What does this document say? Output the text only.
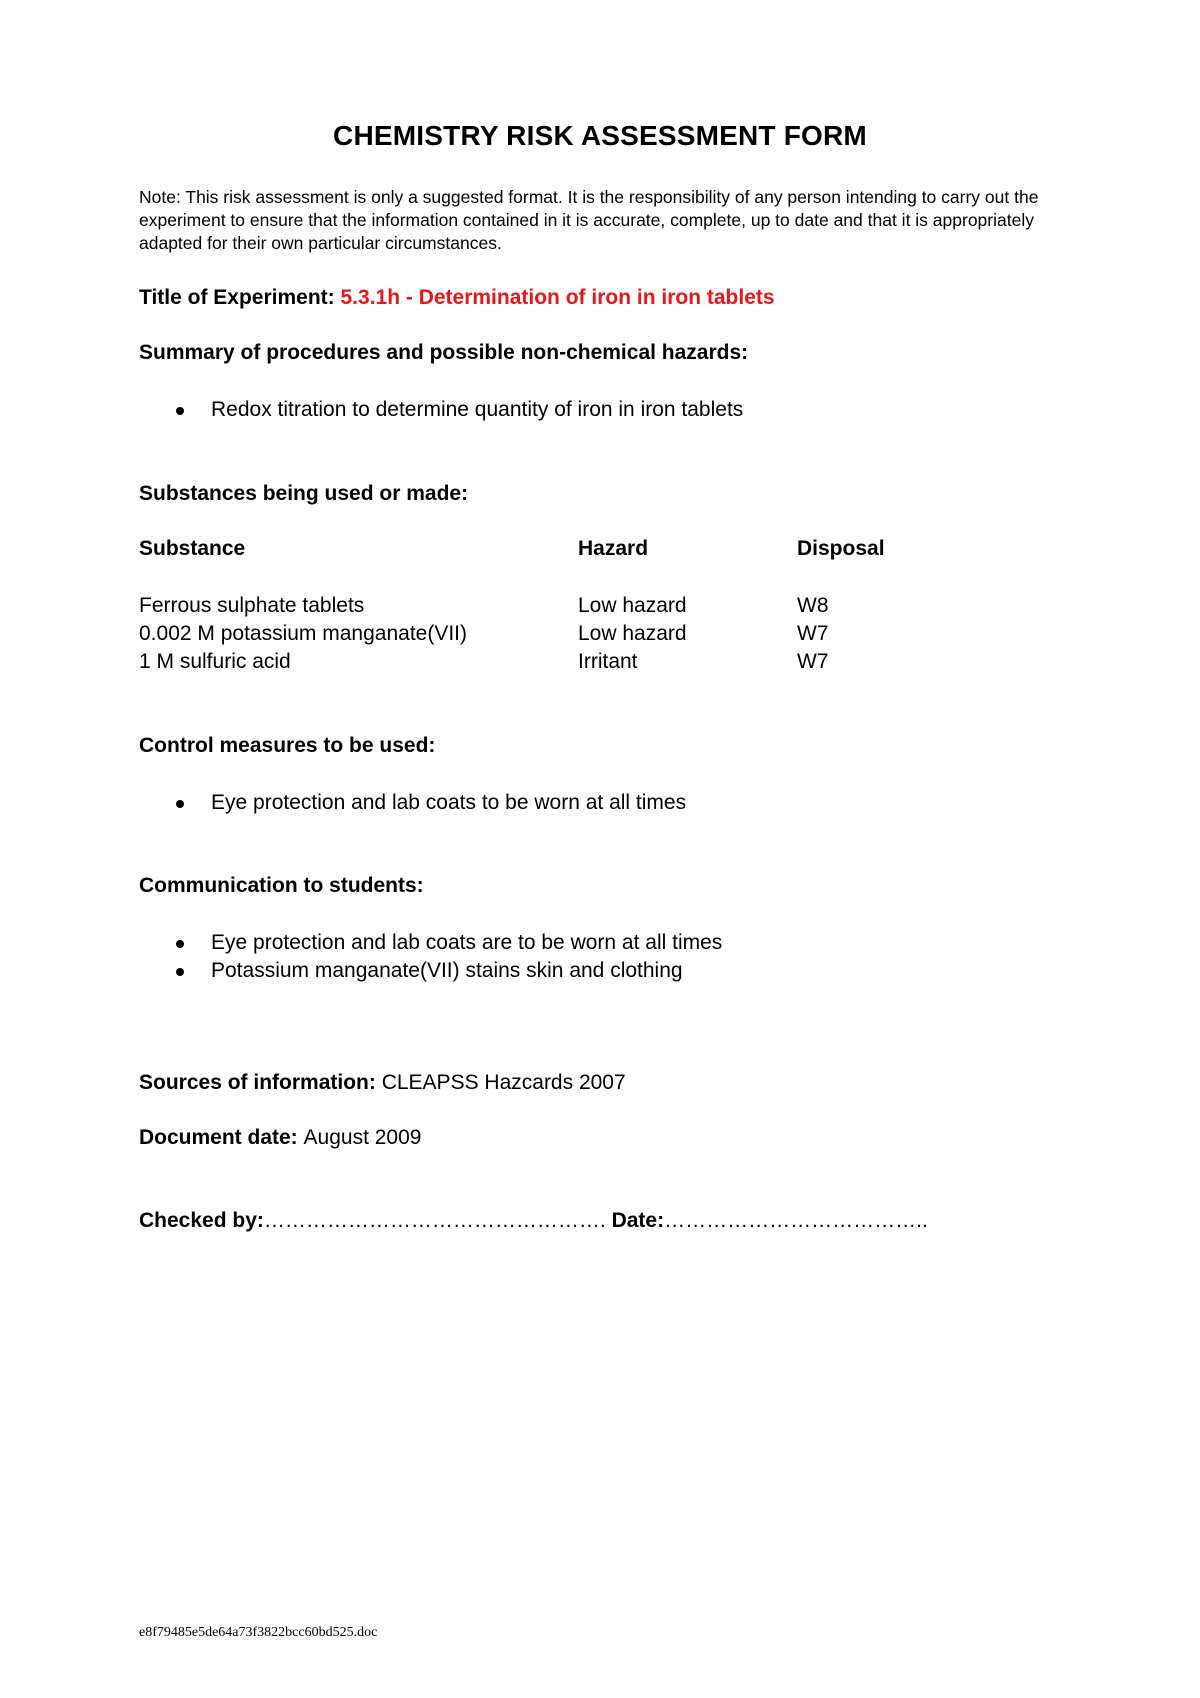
CHEMISTRY RISK ASSESSMENT FORM
Note: This risk assessment is only a suggested format. It is the responsibility of any person intending to carry out the experiment to ensure that the information contained in it is accurate, complete, up to date and that it is appropriately adapted for their own particular circumstances.
Title of Experiment: 5.3.1h - Determination of iron in iron tablets
Summary of procedures and possible non-chemical hazards:
Redox titration to determine quantity of iron in iron tablets
Substances being used or made:
Substance	Hazard	Disposal
Ferrous sulphate tablets	Low hazard	W8
0.002 M potassium manganate(VII)	Low hazard	W7
1 M sulfuric acid	Irritant	W7
Control measures to be used:
Eye protection and lab coats to be worn at all times
Communication to students:
Eye protection and lab coats are to be worn at all times
Potassium manganate(VII) stains skin and clothing
Sources of information: CLEAPSS Hazcards 2007
Document date: August 2009
Checked by:…………………………………………. Date:………………………………..
e8f79485e5de64a73f3822bcc60bd525.doc
